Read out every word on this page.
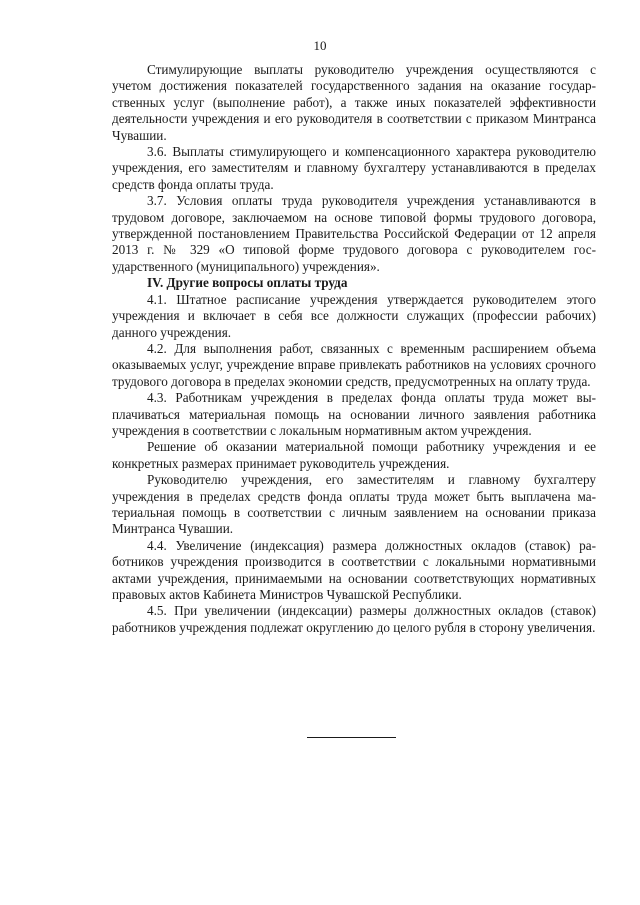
10

Стимулирующие выплаты руководителю учреждения осуществляются с учетом достижения показателей государственного задания на оказание государственных услуг (выполнение работ), а также иных показателей эффективности деятельности учреждения и его руководителя в соответствии с приказом Минтранса Чувашии.

3.6. Выплаты стимулирующего и компенсационного характера руководителю учреждения, его заместителям и главному бухгалтеру устанавливаются в пределах средств фонда оплаты труда.

3.7. Условия оплаты труда руководителя учреждения устанавливаются в трудовом договоре, заключаемом на основе типовой формы трудового договора, утвержденной постановлением Правительства Российской Федерации от 12 апреля 2013 г. № 329 «О типовой форме трудового договора с руководителем государственного (муниципального) учреждения».

IV. Другие вопросы оплаты труда

4.1. Штатное расписание учреждения утверждается руководителем этого учреждения и включает в себя все должности служащих (профессии рабочих) данного учреждения.

4.2. Для выполнения работ, связанных с временным расширением объема оказываемых услуг, учреждение вправе привлекать работников на условиях срочного трудового договора в пределах экономии средств, предусмотренных на оплату труда.

4.3. Работникам учреждения в пределах фонда оплаты труда может выплачиваться материальная помощь на основании личного заявления работника учреждения в соответствии с локальным нормативным актом учреждения.

Решение об оказании материальной помощи работнику учреждения и ее конкретных размерах принимает руководитель учреждения.

Руководителю учреждения, его заместителям и главному бухгалтеру учреждения в пределах средств фонда оплаты труда может быть выплачена материальная помощь в соответствии с личным заявлением на основании приказа Минтранса Чувашии.

4.4. Увеличение (индексация) размера должностных окладов (ставок) работников учреждения производится в соответствии с локальными нормативными актами учреждения, принимаемыми на основании соответствующих нормативных правовых актов Кабинета Министров Чувашской Республики.

4.5. При увеличении (индексации) размеры должностных окладов (ставок) работников учреждения подлежат округлению до целого рубля в сторону увеличения.
